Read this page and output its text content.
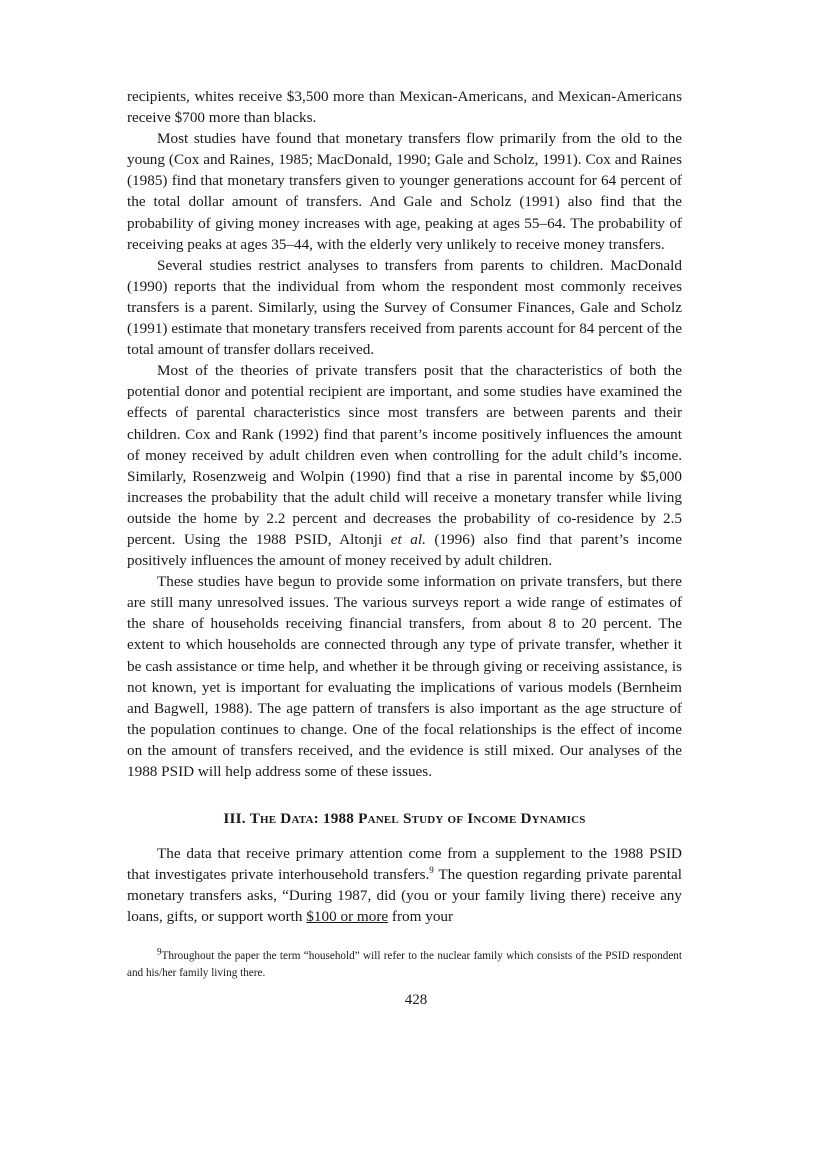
recipients, whites receive $3,500 more than Mexican-Americans, and Mexican-Americans receive $700 more than blacks.

Most studies have found that monetary transfers flow primarily from the old to the young (Cox and Raines, 1985; MacDonald, 1990; Gale and Scholz, 1991). Cox and Raines (1985) find that monetary transfers given to younger generations account for 64 percent of the total dollar amount of transfers. And Gale and Scholz (1991) also find that the probability of giving money increases with age, peaking at ages 55–64. The probability of receiving peaks at ages 35–44, with the elderly very unlikely to receive money transfers.

Several studies restrict analyses to transfers from parents to children. MacDonald (1990) reports that the individual from whom the respondent most commonly receives transfers is a parent. Similarly, using the Survey of Consumer Finances, Gale and Scholz (1991) estimate that monetary transfers received from parents account for 84 percent of the total amount of transfer dollars received.

Most of the theories of private transfers posit that the characteristics of both the potential donor and potential recipient are important, and some studies have examined the effects of parental characteristics since most transfers are between parents and their children. Cox and Rank (1992) find that parent’s income positively influences the amount of money received by adult children even when controlling for the adult child’s income. Similarly, Rosenzweig and Wolpin (1990) find that a rise in parental income by $5,000 increases the probability that the adult child will receive a monetary transfer while living outside the home by 2.2 percent and decreases the probability of co-residence by 2.5 percent. Using the 1988 PSID, Altonji et al. (1996) also find that parent’s income positively influences the amount of money received by adult children.

These studies have begun to provide some information on private transfers, but there are still many unresolved issues. The various surveys report a wide range of estimates of the share of households receiving financial transfers, from about 8 to 20 percent. The extent to which households are connected through any type of private transfer, whether it be cash assistance or time help, and whether it be through giving or receiving assistance, is not known, yet is important for evaluating the implications of various models (Bernheim and Bagwell, 1988). The age pattern of transfers is also important as the age structure of the population continues to change. One of the focal relationships is the effect of income on the amount of transfers received, and the evidence is still mixed. Our analyses of the 1988 PSID will help address some of these issues.

III. The Data: 1988 Panel Study of Income Dynamics

The data that receive primary attention come from a supplement to the 1988 PSID that investigates private interhousehold transfers.$^9$ The question regarding private parental monetary transfers asks, “During 1987, did (you or your family living there) receive any loans, gifts, or support worth $100 or more from your

$^9$Throughout the paper the term “household” will refer to the nuclear family which consists of the PSID respondent and his/her family living there.

428
